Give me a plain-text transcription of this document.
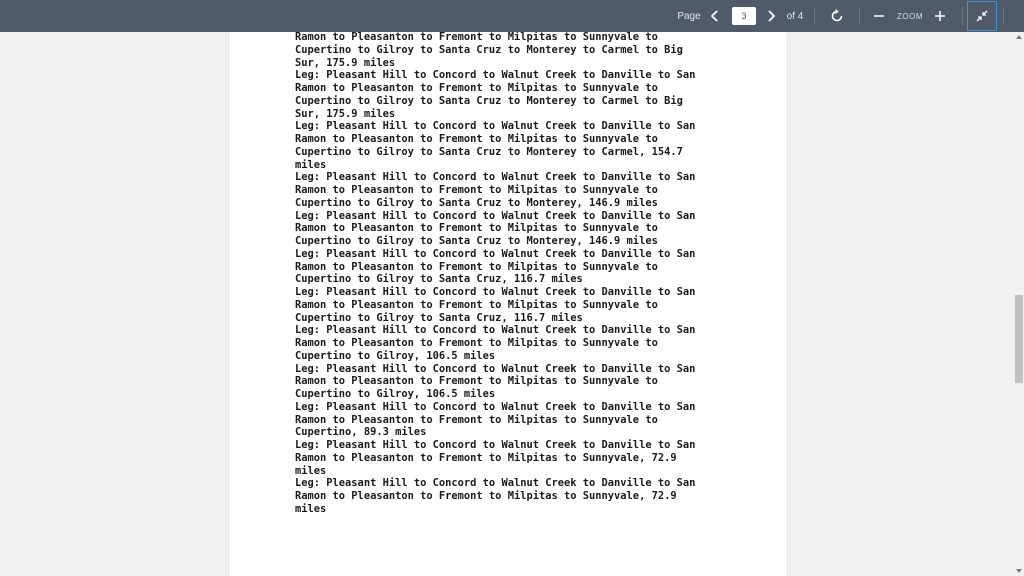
Page
3	of 4	ZOOM
Ramon to Pleasanton to Fremont to Milpitas to Sunnyvale to
Cupertino to Gilroy to Santa Cruz to Monterey to Carmel to Big
Sur, 175.9 miles
Leg: Pleasant Hill to Concord to Walnut Creek to Danville to San
Ramon to Pleasanton to Fremont to Milpitas to Sunnyvale to
Cupertino to Gilroy to Santa Cruz to Monterey to Carmel to Big
Sur, 175.9 miles
Leg: Pleasant Hill to Concord to Walnut Creek to Danville to San
Ramon to Pleasanton to Fremont to Milpitas to Sunnyvale to
Cupertino to Gilroy to Santa Cruz to Monterey to Carmel, 154.7
miles
Leg: Pleasant Hill to Concord to Walnut Creek to Danville to San
Ramon to Pleasanton to Fremont to Milpitas to Sunnyvale to
Cupertino to Gilroy to Santa Cruz to Monterey, 146.9 miles
Leg: Pleasant Hill to Concord to Walnut Creek to Danville to San
Ramon to Pleasanton to Fremont to Milpitas to Sunnyvale to
Cupertino to Gilroy to Santa Cruz to Monterey, 146.9 miles
Leg: Pleasant Hill to Concord to Walnut Creek to Danville to San
Ramon to Pleasanton to Fremont to Milpitas to Sunnyvale to
Cupertino to Gilroy to Santa Cruz, 116.7 miles
Leg: Pleasant Hill to Concord to Walnut Creek to Danville to San
Ramon to Pleasanton to Fremont to Milpitas to Sunnyvale to
Cupertino to Gilroy to Santa Cruz, 116.7 miles
Leg: Pleasant Hill to Concord to Walnut Creek to Danville to San
Ramon to Pleasanton to Fremont to Milpitas to Sunnyvale to
Cupertino to Gilroy, 106.5 miles
Leg: Pleasant Hill to Concord to Walnut Creek to Danville to San
Ramon to Pleasanton to Fremont to Milpitas to Sunnyvale to
Cupertino to Gilroy, 106.5 miles
Leg: Pleasant Hill to Concord to Walnut Creek to Danville to San
Ramon to Pleasanton to Fremont to Milpitas to Sunnyvale to
Cupertino, 89.3 miles
Leg: Pleasant Hill to Concord to Walnut Creek to Danville to San
Ramon to Pleasanton to Fremont to Milpitas to Sunnyvale, 72.9
miles
Leg: Pleasant Hill to Concord to Walnut Creek to Danville to San
Ramon to Pleasanton to Fremont to Milpitas to Sunnyvale, 72.9
miles
